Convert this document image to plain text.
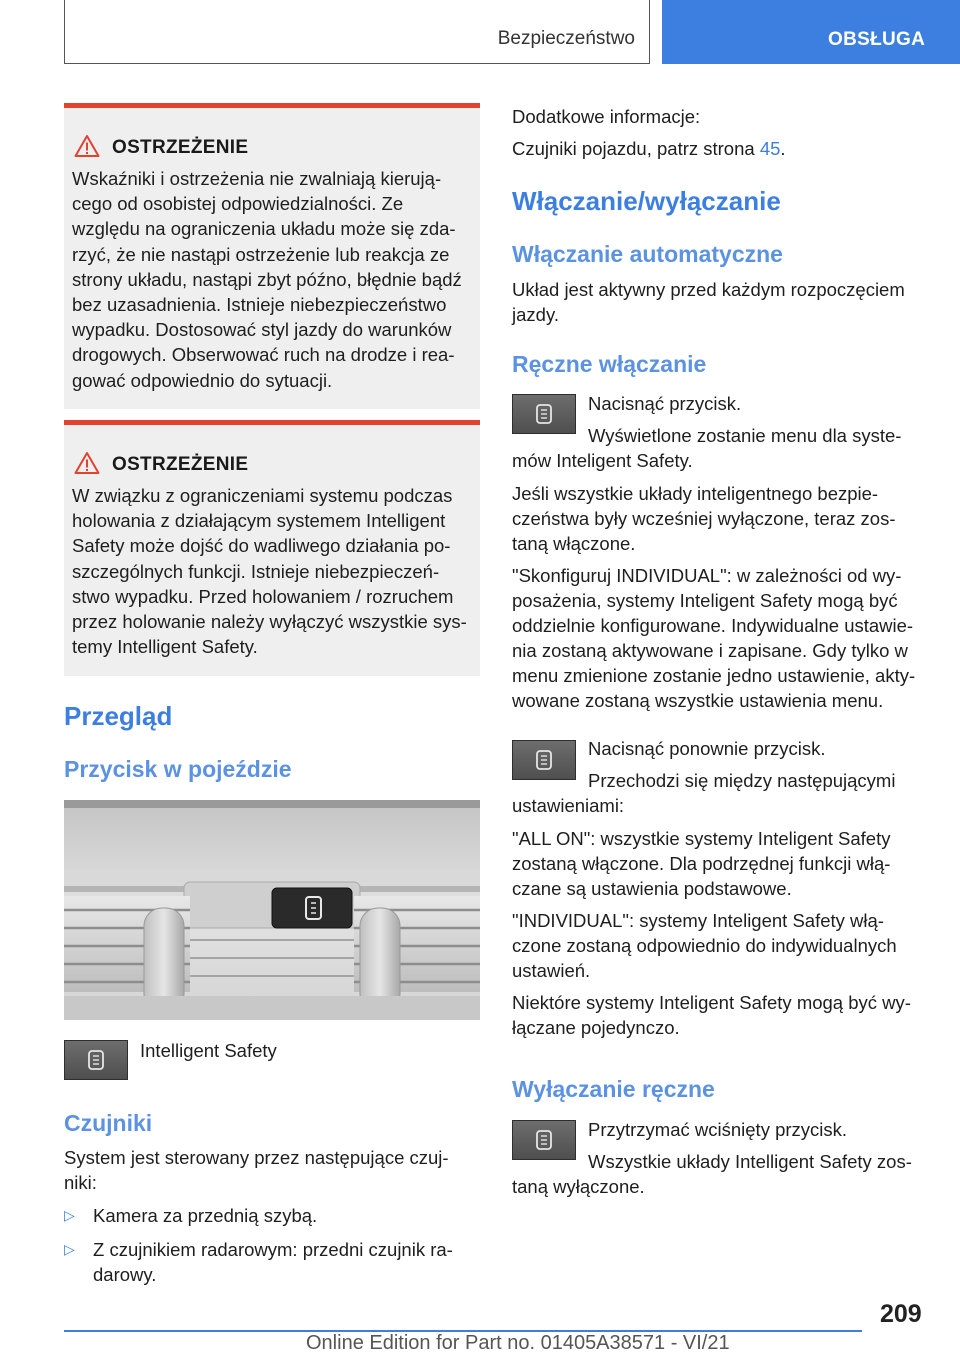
Bezpieczeństwo	OBSŁUGA
OSTRZEŻENIE
Wskaźniki i ostrzeżenia nie zwalniają kierują-
cego od osobistej odpowiedzialności. Ze
względu na ograniczenia układu może się zda-
rzyć, że nie nastąpi ostrzeżenie lub reakcja ze
strony układu, nastąpi zbyt późno, błędnie bądź
bez uzasadnienia. Istnieje niebezpieczeństwo
wypadku. Dostosować styl jazdy do warunków
drogowych. Obserwować ruch na drodze i rea-
gować odpowiednio do sytuacji.
OSTRZEŻENIE
W związku z ograniczeniami systemu podczas
holowania z działającym systemem Intelligent
Safety może dojść do wadliwego działania po-
szczególnych funkcji. Istnieje niebezpieczeń-
stwo wypadku. Przed holowaniem / rozruchem
przez holowanie należy wyłączyć wszystkie sys-
temy Intelligent Safety.
Przegląd
Przycisk w pojeździe
Intelligent Safety
Czujniki
System jest sterowany przez następujące czuj-
niki:
▷ Kamera za przednią szybą.
▷ Z czujnikiem radarowym: przedni czujnik ra-
darowy.
Dodatkowe informacje:
Czujniki pojazdu, patrz strona 45.
Włączanie/wyłączanie
Włączanie automatyczne
Układ jest aktywny przed każdym rozpoczęciem
jazdy.
Ręczne włączanie
Nacisnąć przycisk.
Wyświetlone zostanie menu dla syste-
mów Inteligent Safety.
Jeśli wszystkie układy inteligentnego bezpie-
czeństwa były wcześniej wyłączone, teraz zos-
taną włączone.
"Skonfiguruj INDIVIDUAL": w zależności od wy-
posażenia, systemy Inteligent Safety mogą być
oddzielnie konfigurowane. Indywidualne ustawie-
nia zostaną aktywowane i zapisane. Gdy tylko w
menu zmienione zostanie jedno ustawienie, akty-
wowane zostaną wszystkie ustawienia menu.
Nacisnąć ponownie przycisk.
Przechodzi się między następującymi
ustawieniami:
"ALL ON": wszystkie systemy Inteligent Safety
zostaną włączone. Dla podrzędnej funkcji włą-
czane są ustawienia podstawowe.
"INDIVIDUAL": systemy Inteligent Safety włą-
czone zostaną odpowiednio do indywidualnych
ustawień.
Niektóre systemy Inteligent Safety mogą być wy-
łączane pojedynczo.
Wyłączanie ręczne
Przytrzymać wciśnięty przycisk.
Wszystkie układy Intelligent Safety zos-
taną wyłączone.
209
Online Edition for Part no. 01405A38571 - VI/21
